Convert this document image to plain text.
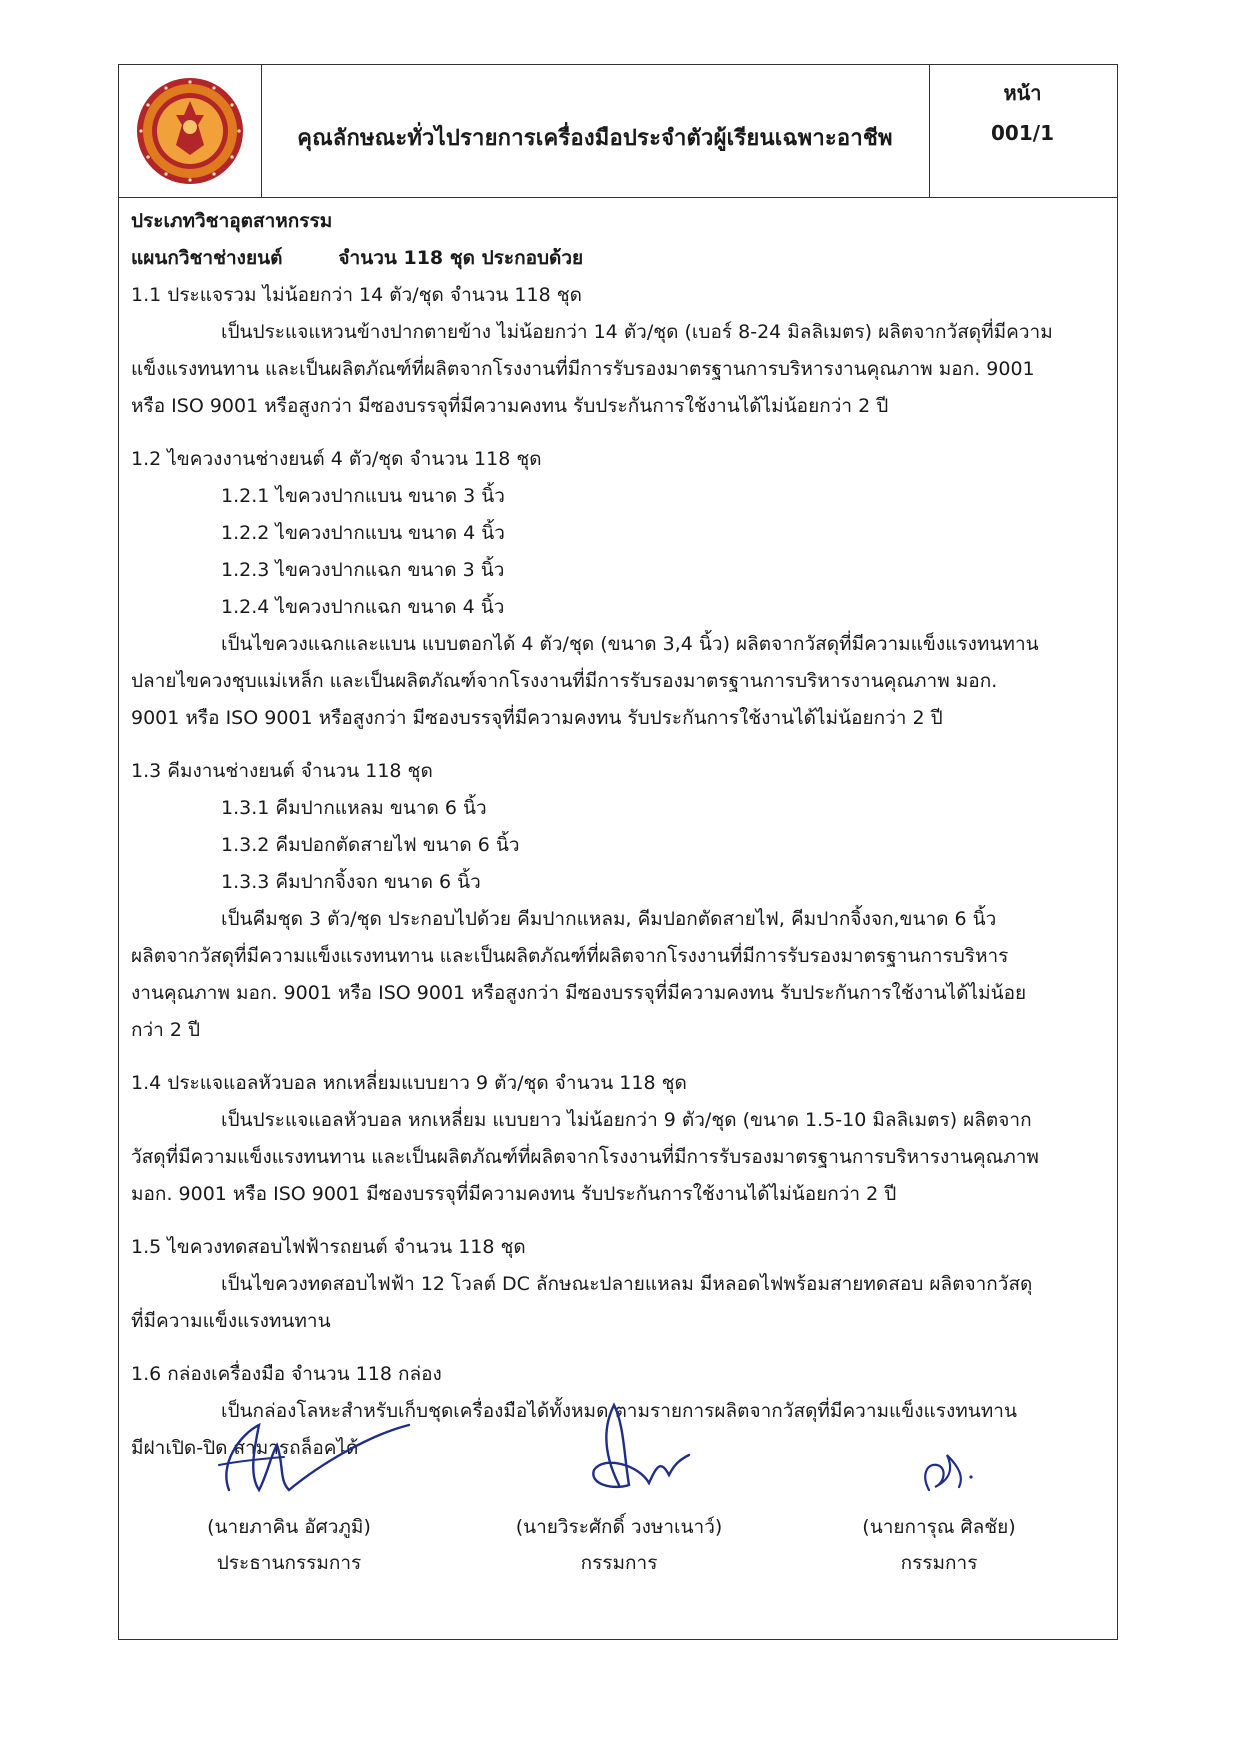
คุณลักษณะทั่วไปรายการเครื่องมือประจำตัวผู้เรียนเฉพาะอาชีพ
หน้า
001/1
ประเภทวิชาอุตสาหกรรม
แผนกวิชาช่างยนต์	จำนวน 118 ชุด ประกอบด้วย
1.1 ประแจรวม ไม่น้อยกว่า 14 ตัว/ชุด จำนวน 118 ชุด
เป็นประแจแหวนข้างปากตายข้าง ไม่น้อยกว่า 14 ตัว/ชุด (เบอร์ 8-24 มิลลิเมตร) ผลิตจากวัสดุที่มีความ
แข็งแรงทนทาน และเป็นผลิตภัณฑ์ที่ผลิตจากโรงงานที่มีการรับรองมาตรฐานการบริหารงานคุณภาพ มอก. 9001
หรือ ISO 9001 หรือสูงกว่า มีซองบรรจุที่มีความคงทน รับประกันการใช้งานได้ไม่น้อยกว่า 2 ปี
1.2 ไขควงงานช่างยนต์ 4 ตัว/ชุด จำนวน 118 ชุด
1.2.1 ไขควงปากแบน ขนาด 3 นิ้ว
1.2.2 ไขควงปากแบน ขนาด 4 นิ้ว
1.2.3 ไขควงปากแฉก ขนาด 3 นิ้ว
1.2.4 ไขควงปากแฉก ขนาด 4 นิ้ว
เป็นไขควงแฉกและแบน แบบตอกได้ 4 ตัว/ชุด (ขนาด 3,4 นิ้ว) ผลิตจากวัสดุที่มีความแข็งแรงทนทาน
ปลายไขควงชุบแม่เหล็ก และเป็นผลิตภัณฑ์จากโรงงานที่มีการรับรองมาตรฐานการบริหารงานคุณภาพ มอก.
9001 หรือ ISO 9001 หรือสูงกว่า มีซองบรรจุที่มีความคงทน รับประกันการใช้งานได้ไม่น้อยกว่า 2 ปี
1.3 คีมงานช่างยนต์ จำนวน 118 ชุด
1.3.1 คีมปากแหลม ขนาด 6 นิ้ว
1.3.2 คีมปอกตัดสายไฟ ขนาด 6 นิ้ว
1.3.3 คีมปากจิ้งจก ขนาด 6 นิ้ว
เป็นคีมชุด 3 ตัว/ชุด ประกอบไปด้วย คีมปากแหลม, คีมปอกตัดสายไฟ, คีมปากจิ้งจก,ขนาด 6 นิ้ว
ผลิตจากวัสดุที่มีความแข็งแรงทนทาน และเป็นผลิตภัณฑ์ที่ผลิตจากโรงงานที่มีการรับรองมาตรฐานการบริหาร
งานคุณภาพ มอก. 9001 หรือ ISO 9001 หรือสูงกว่า มีซองบรรจุที่มีความคงทน รับประกันการใช้งานได้ไม่น้อย
กว่า 2 ปี
1.4 ประแจแอลหัวบอล หกเหลี่ยมแบบยาว 9 ตัว/ชุด จำนวน 118 ชุด
เป็นประแจแอลหัวบอล หกเหลี่ยม แบบยาว ไม่น้อยกว่า 9 ตัว/ชุด (ขนาด 1.5-10 มิลลิเมตร) ผลิตจาก
วัสดุที่มีความแข็งแรงทนทาน และเป็นผลิตภัณฑ์ที่ผลิตจากโรงงานที่มีการรับรองมาตรฐานการบริหารงานคุณภาพ
มอก. 9001 หรือ ISO 9001 มีซองบรรจุที่มีความคงทน รับประกันการใช้งานได้ไม่น้อยกว่า 2 ปี
1.5 ไขควงทดสอบไฟฟ้ารถยนต์ จำนวน 118 ชุด
เป็นไขควงทดสอบไฟฟ้า 12 โวลต์ DC ลักษณะปลายแหลม มีหลอดไฟพร้อมสายทดสอบ ผลิตจากวัสดุ
ที่มีความแข็งแรงทนทาน
1.6 กล่องเครื่องมือ จำนวน 118 กล่อง
เป็นกล่องโลหะสำหรับเก็บชุดเครื่องมือได้ทั้งหมด ตามรายการผลิตจากวัสดุที่มีความแข็งแรงทนทาน
มีฝาเปิด-ปิด สามารถล็อคได้
(นายภาคิน อัศวภูมิ)
ประธานกรรมการ
(นายวิระศักดิ์ วงษาเนาว์)
กรรมการ
(นายการุณ ศิลชัย)
กรรมการ
